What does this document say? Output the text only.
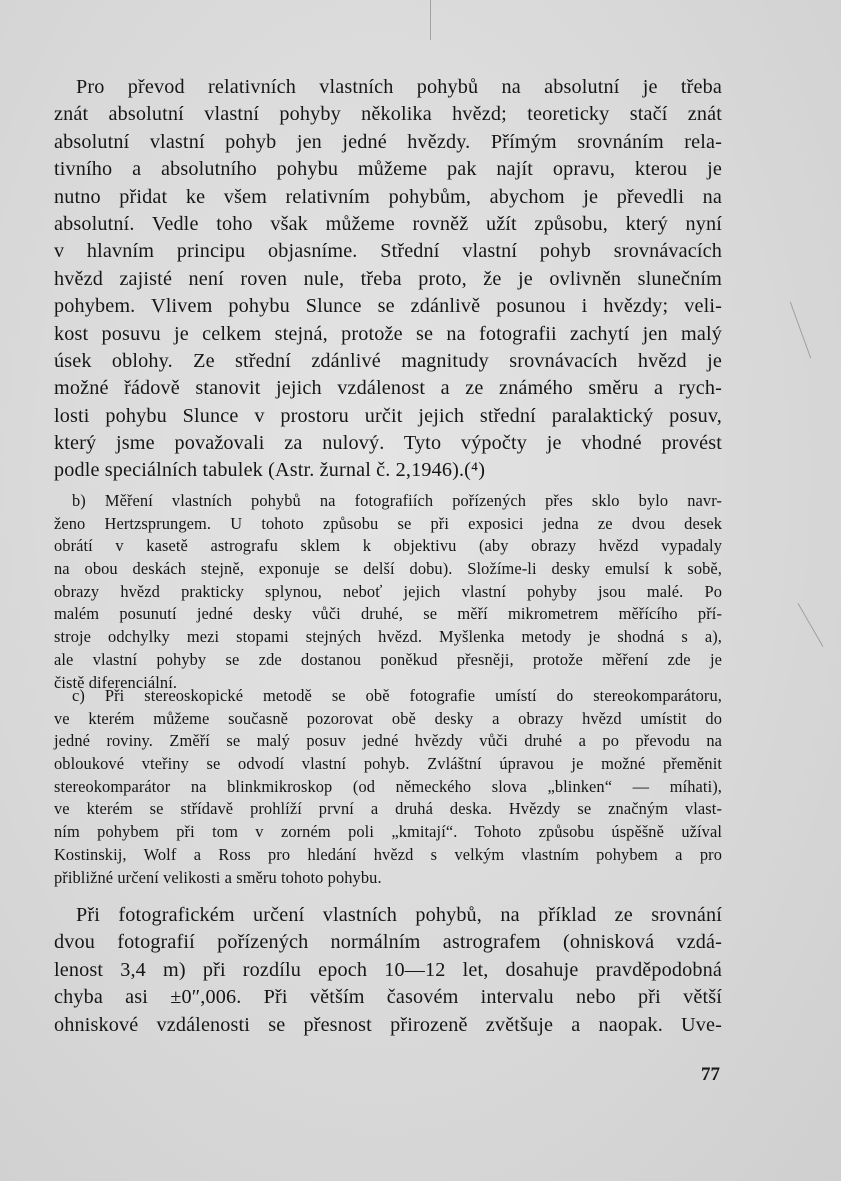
Pro převod relativních vlastních pohybů na absolutní je třeba
znát absolutní vlastní pohyby několika hvězd; teoreticky stačí znát
absolutní vlastní pohyb jen jedné hvězdy. Přímým srovnáním rela-
tivního a absolutního pohybu můžeme pak najít opravu, kterou je
nutno přidat ke všem relativním pohybům, abychom je převedli na
absolutní. Vedle toho však můžeme rovněž užít způsobu, který nyní
v hlavním principu objasníme. Střední vlastní pohyb srovnávacích
hvězd zajisté není roven nule, třeba proto, že je ovlivněn slunečním
pohybem. Vlivem pohybu Slunce se zdánlivě posunou i hvězdy; veli-
kost posuvu je celkem stejná, protože se na fotografii zachytí jen malý
úsek oblohy. Ze střední zdánlivé magnitudy srovnávacích hvězd je
možné řádově stanovit jejich vzdálenost a ze známého směru a rych-
losti pohybu Slunce v prostoru určit jejich střední paralaktický posuv,
který jsme považovali za nulový. Tyto výpočty je vhodné provést
podle speciálních tabulek (Astr. žurnal č. 2,1946).(⁴)
b) Měření vlastních pohybů na fotografiích pořízených přes sklo bylo navr-
ženo Hertzsprungem. U tohoto způsobu se při exposici jedna ze dvou desek
obrátí v kasetě astrografu sklem k objektivu (aby obrazy hvězd vypadaly
na obou deskách stejně, exponuje se delší dobu). Složíme-li desky emulsí k sobě,
obrazy hvězd prakticky splynou, neboť jejich vlastní pohyby jsou malé. Po
malém posunutí jedné desky vůči druhé, se měří mikrometrem měřícího pří-
stroje odchylky mezi stopami stejných hvězd. Myšlenka metody je shodná s a),
ale vlastní pohyby se zde dostanou poněkud přesněji, protože měření zde je
čistě diferenciální.
c) Při stereoskopické metodě se obě fotografie umístí do stereokomparátoru,
ve kterém můžeme současně pozorovat obě desky a obrazy hvězd umístit do
jedné roviny. Změří se malý posuv jedné hvězdy vůči druhé a po převodu na
obloukové vteřiny se odvodí vlastní pohyb. Zvláštní úpravou je možné přeměnit
stereokomparátor na blinkmikroskop (od německého slova „blinken“ — míhati),
ve kterém se střídavě prohlíží první a druhá deska. Hvězdy se značným vlast-
ním pohybem při tom v zorném poli „kmitají“. Tohoto způsobu úspěšně užíval
Kostinskij, Wolf a Ross pro hledání hvězd s velkým vlastním pohybem a pro
přibližné určení velikosti a směru tohoto pohybu.
Při fotografickém určení vlastních pohybů, na příklad ze srovnání
dvou fotografií pořízených normálním astrografem (ohnisková vzdá-
lenost 3,4 m) při rozdílu epoch 10—12 let, dosahuje pravděpodobná
chyba asi ±0″,006. Při větším časovém intervalu nebo při větší
ohniskové vzdálenosti se přesnost přirozeně zvětšuje a naopak. Uve-
77
